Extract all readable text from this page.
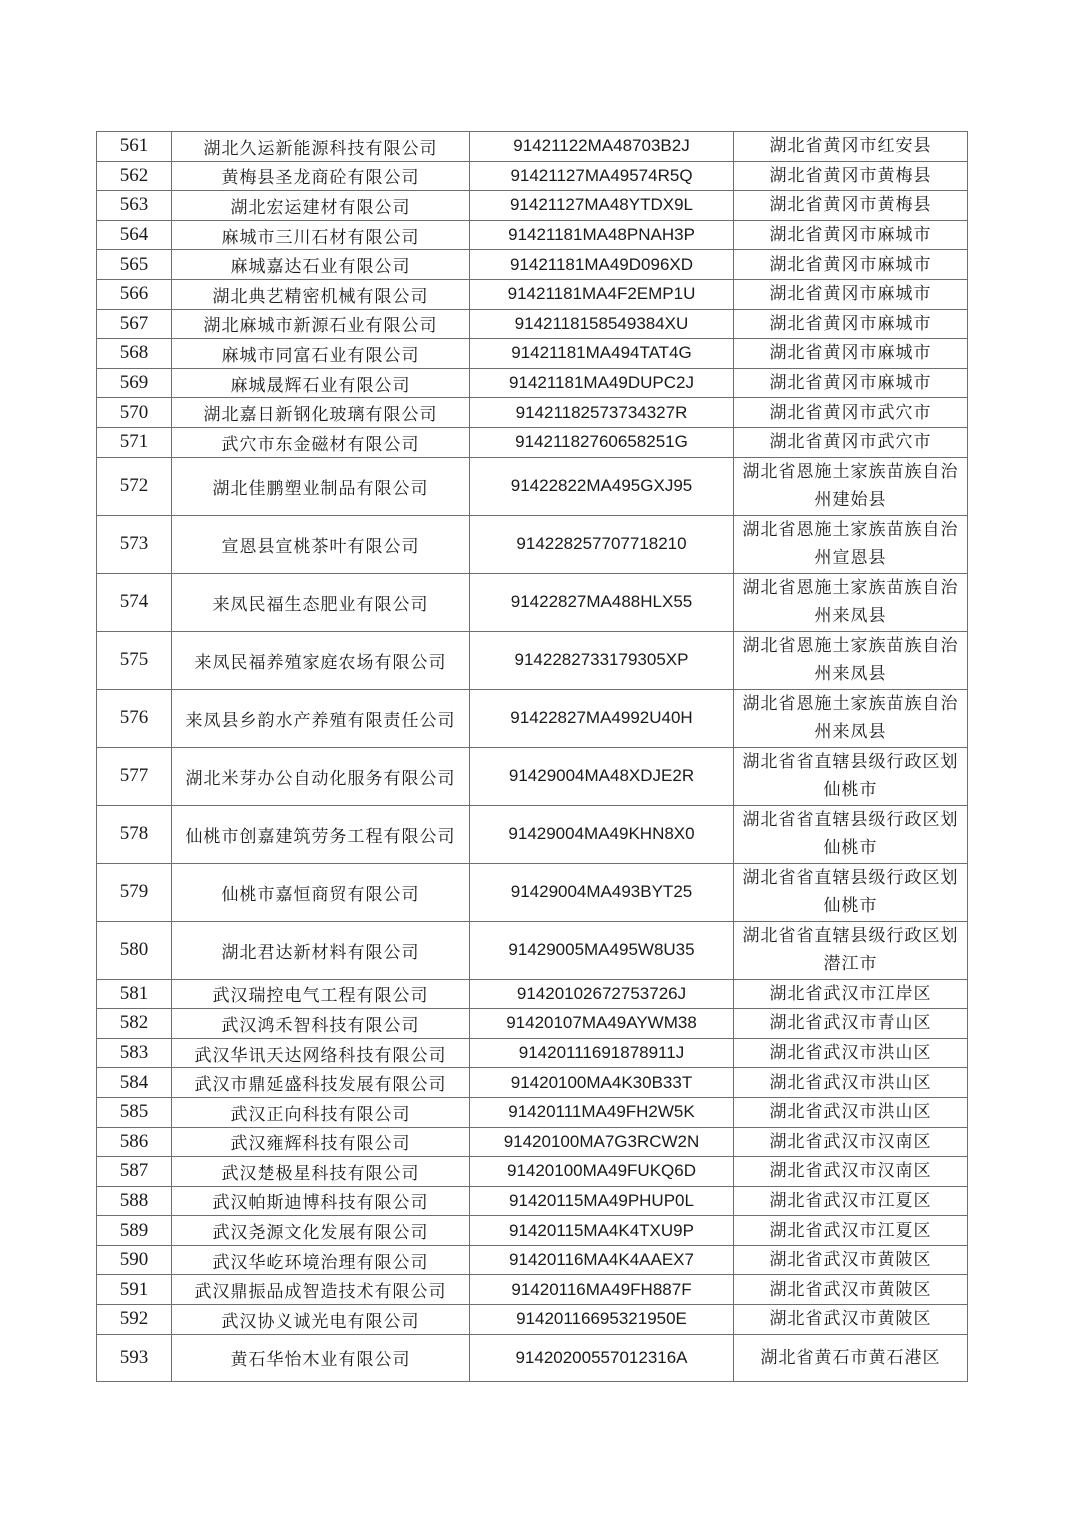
561	湖北久运新能源科技有限公司	91421122MA48703B2J	湖北省黄冈市红安县
562	黄梅县圣龙商砼有限公司	91421127MA49574R5Q	湖北省黄冈市黄梅县
563	湖北宏运建材有限公司	91421127MA48YTDX9L	湖北省黄冈市黄梅县
564	麻城市三川石材有限公司	91421181MA48PNAH3P	湖北省黄冈市麻城市
565	麻城嘉达石业有限公司	91421181MA49D096XD	湖北省黄冈市麻城市
566	湖北典艺精密机械有限公司	91421181MA4F2EMP1U	湖北省黄冈市麻城市
567	湖北麻城市新源石业有限公司	9142118158549384XU	湖北省黄冈市麻城市
568	麻城市同富石业有限公司	91421181MA494TAT4G	湖北省黄冈市麻城市
569	麻城晟辉石业有限公司	91421181MA49DUPC2J	湖北省黄冈市麻城市
570	湖北嘉日新钢化玻璃有限公司	91421182573734327R	湖北省黄冈市武穴市
571	武穴市东金磁材有限公司	91421182760658251G	湖北省黄冈市武穴市
572	湖北佳鹏塑业制品有限公司	91422822MA495GXJ95	湖北省恩施土家族苗族自治州建始县
573	宣恩县宣桃茶叶有限公司	914228257707718210	湖北省恩施土家族苗族自治州宣恩县
574	来凤民福生态肥业有限公司	91422827MA488HLX55	湖北省恩施土家族苗族自治州来凤县
575	来凤民福养殖家庭农场有限公司	9142282733179305XP	湖北省恩施土家族苗族自治州来凤县
576	来凤县乡韵水产养殖有限责任公司	91422827MA4992U40H	湖北省恩施土家族苗族自治州来凤县
577	湖北米芽办公自动化服务有限公司	91429004MA48XDJE2R	湖北省省直辖县级行政区划仙桃市
578	仙桃市创嘉建筑劳务工程有限公司	91429004MA49KHN8X0	湖北省省直辖县级行政区划仙桃市
579	仙桃市嘉恒商贸有限公司	91429004MA493BYT25	湖北省省直辖县级行政区划仙桃市
580	湖北君达新材料有限公司	91429005MA495W8U35	湖北省省直辖县级行政区划潜江市
581	武汉瑞控电气工程有限公司	91420102672753726J	湖北省武汉市江岸区
582	武汉鸿禾智科技有限公司	91420107MA49AYWM38	湖北省武汉市青山区
583	武汉华讯天达网络科技有限公司	91420111691878911J	湖北省武汉市洪山区
584	武汉市鼎延盛科技发展有限公司	91420100MA4K30B33T	湖北省武汉市洪山区
585	武汉正向科技有限公司	91420111MA49FH2W5K	湖北省武汉市洪山区
586	武汉雍辉科技有限公司	91420100MA7G3RCW2N	湖北省武汉市汉南区
587	武汉楚极星科技有限公司	91420100MA49FUKQ6D	湖北省武汉市汉南区
588	武汉帕斯迪博科技有限公司	91420115MA49PHUP0L	湖北省武汉市江夏区
589	武汉尧源文化发展有限公司	91420115MA4K4TXU9P	湖北省武汉市江夏区
590	武汉华屹环境治理有限公司	91420116MA4K4AAEX7	湖北省武汉市黄陂区
591	武汉鼎振品成智造技术有限公司	91420116MA49FH887F	湖北省武汉市黄陂区
592	武汉协义诚光电有限公司	91420116695321950E	湖北省武汉市黄陂区
593	黄石华怡木业有限公司	91420200557012316A	湖北省黄石市黄石港区
